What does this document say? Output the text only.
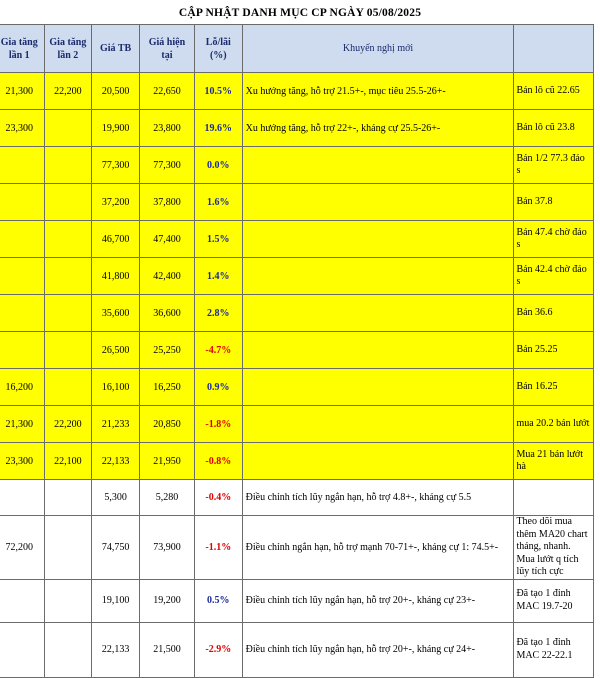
CẬP NHẬT DANH MỤC CP NGÀY 05/08/2025
Gia tăng lần 1	Gia tăng lần 2	Giá TB	Giá hiện tại	Lỗ/lãi (%)	Khuyến nghị mới	
21,300	22,200	20,500	22,650	10.5%	Xu hướng tăng, hỗ trợ 21.5+-, mục tiêu 25.5-26+-	Bán lô cũ 22.65
23,300		19,900	23,800	19.6%	Xu hướng tăng, hỗ trợ 22+-, kháng cự 25.5-26+-	Bán lô cũ 23.8
		77,300	77,300	0.0%		Bán 1/2 77.3 đảo s
		37,200	37,800	1.6%		Bán 37.8
		46,700	47,400	1.5%		Bán 47.4 chờ đảo s
		41,800	42,400	1.4%		Bán 42.4 chờ đảo s
		35,600	36,600	2.8%		Bán 36.6
		26,500	25,250	-4.7%		Bán 25.25
16,200		16,100	16,250	0.9%		Bán 16.25
21,300	22,200	21,233	20,850	-1.8%		mua 20.2 bán lướt
23,300	22,100	22,133	21,950	-0.8%		Mua 21 bán lướt hà
		5,300	5,280	-0.4%	Điều chỉnh tích lũy ngắn hạn, hỗ trợ 4.8+-, kháng cự 5.5	
72,200		74,750	73,900	-1.1%	Điều chỉnh ngắn hạn, hỗ trợ mạnh 70-71+-, kháng cự 1: 74.5+-	Theo dõi mua thêm MA20 chart tháng, nhanh. Mua lướt q tích lũy tích cực
		19,100	19,200	0.5%	Điều chỉnh tích lũy ngắn hạn, hỗ trợ 20+-, kháng cự 23+-	Đã tạo 1 đỉnh MAC 19.7-20
		22,133	21,500	-2.9%	Điều chỉnh tích lũy ngắn hạn, hỗ trợ 20+-, kháng cự 24+-	Đã tạo 1 đỉnh MAC 22-22.1
